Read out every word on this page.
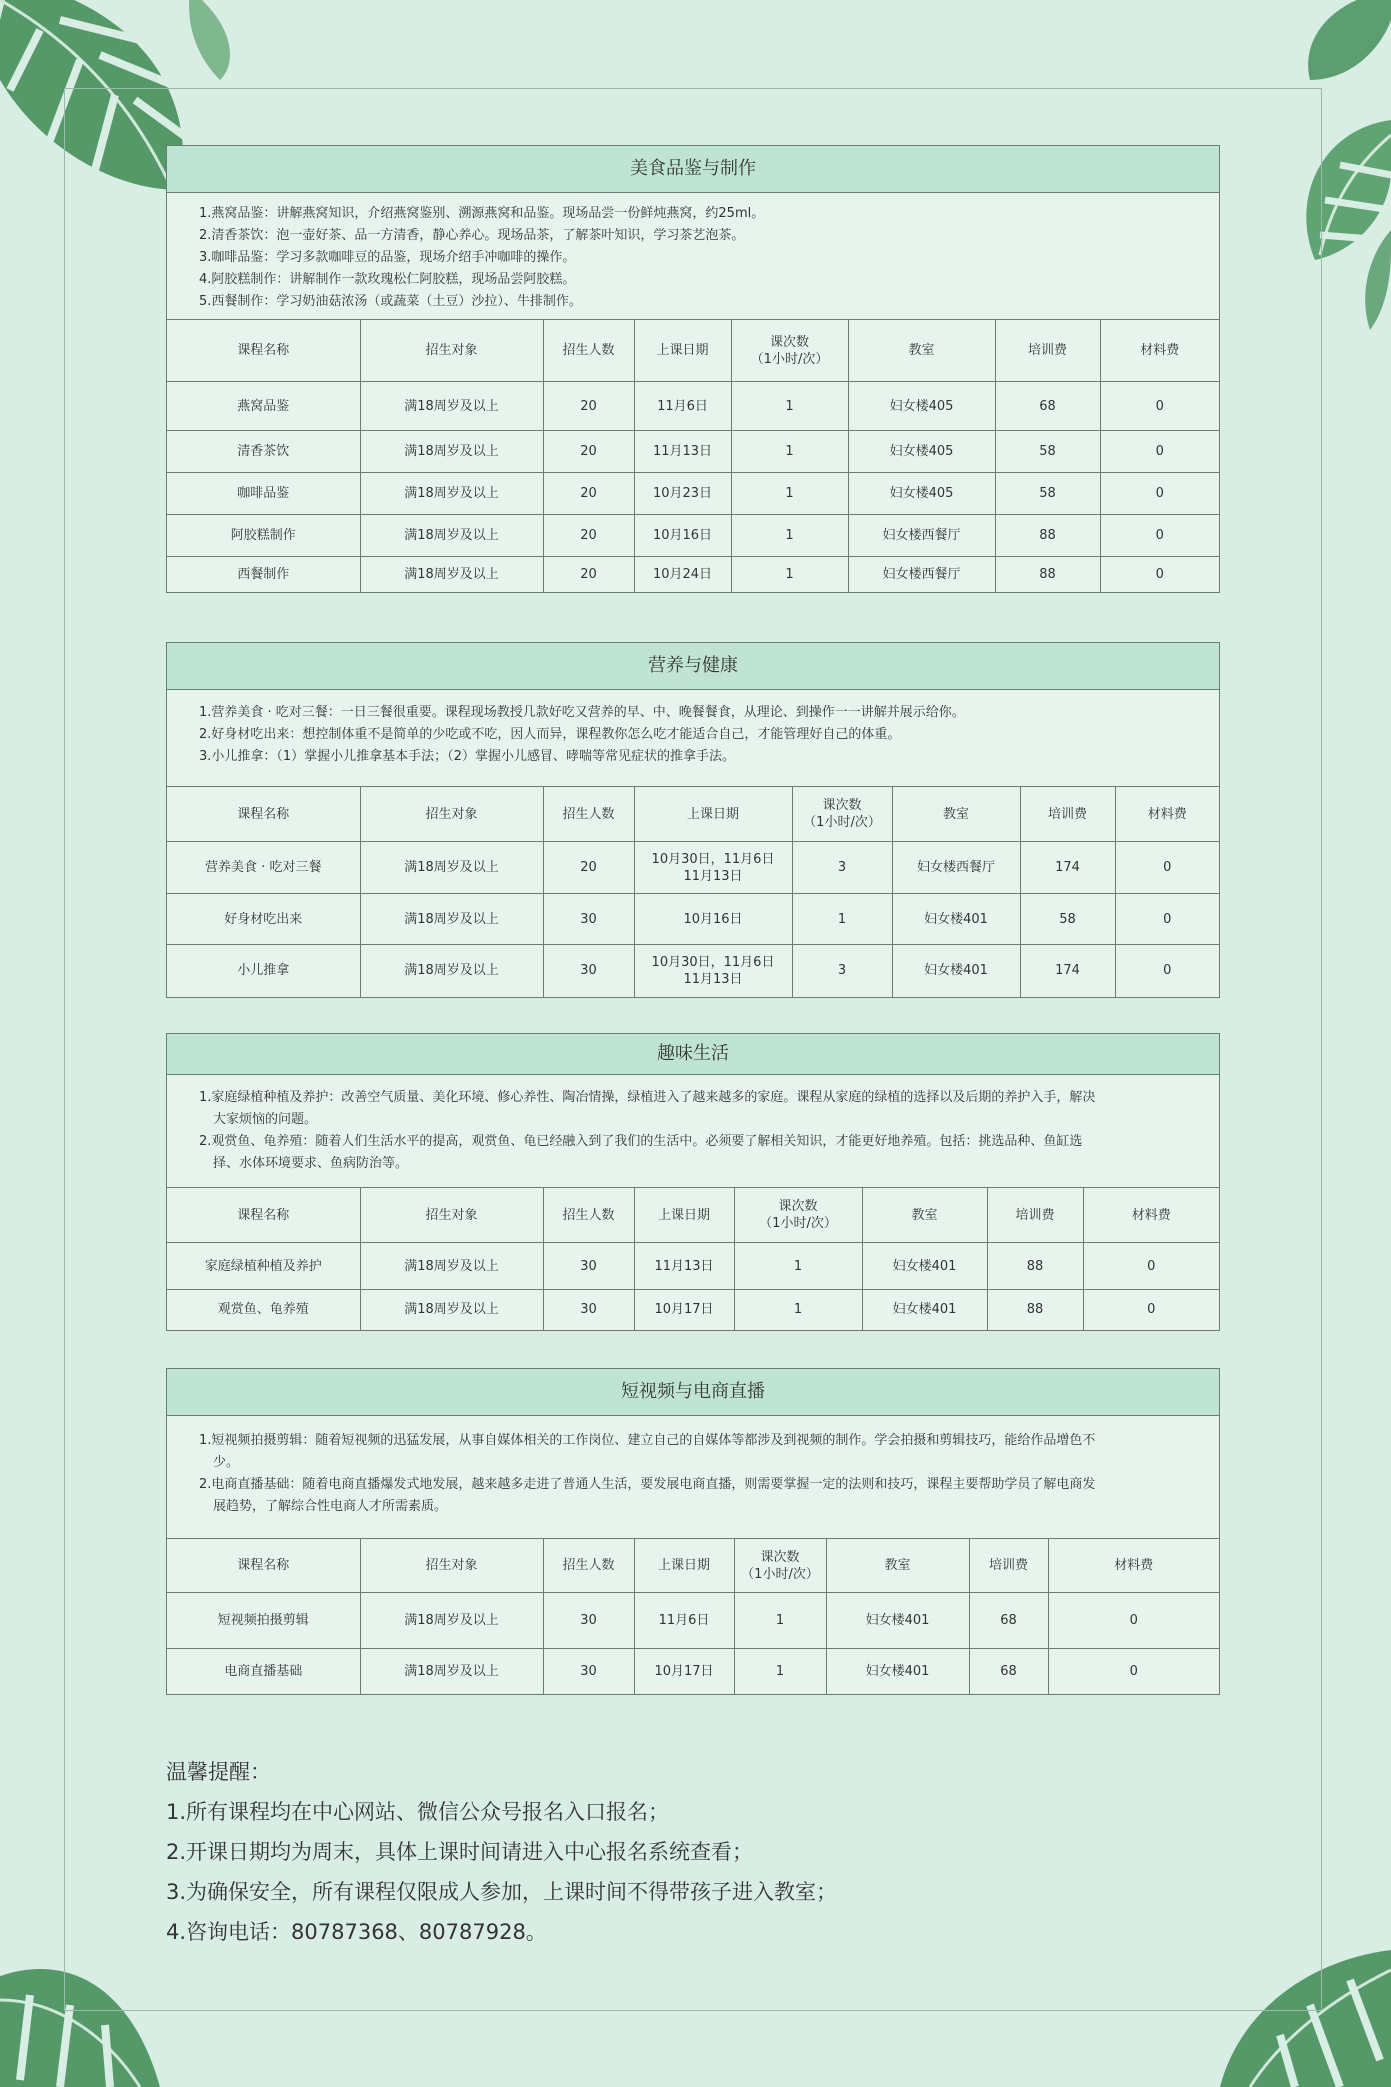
美食品鉴与制作

1.燕窝品鉴：讲解燕窝知识，介绍燕窝鉴别、溯源燕窝和品鉴。现场品尝一份鲜炖燕窝，约25ml。

2.清香茶饮：泡一壶好茶、品一方清香，静心养心。现场品茶，了解茶叶知识，学习茶艺泡茶。

3.咖啡品鉴：学习多款咖啡豆的品鉴，现场介绍手冲咖啡的操作。

4.阿胶糕制作：讲解制作一款玫瑰松仁阿胶糕，现场品尝阿胶糕。

5.西餐制作：学习奶油菇浓汤（或蔬菜（土豆）沙拉）、牛排制作。

课程名称	招生对象	招生人数	上课日期	课次数
（1小时/次）	教室	培训费	材料费
燕窝品鉴	满18周岁及以上	20	11月6日	1	妇女楼405	68	0
清香茶饮	满18周岁及以上	20	11月13日	1	妇女楼405	58	0
咖啡品鉴	满18周岁及以上	20	10月23日	1	妇女楼405	58	0
阿胶糕制作	满18周岁及以上	20	10月16日	1	妇女楼西餐厅	88	0
西餐制作	满18周岁及以上	20	10月24日	1	妇女楼西餐厅	88	0
营养与健康

1.营养美食 · 吃对三餐：一日三餐很重要。课程现场教授几款好吃又营养的早、中、晚餐餐食，从理论、到操作一一讲解并展示给你。

2.好身材吃出来：想控制体重不是简单的少吃或不吃，因人而异，课程教你怎么吃才能适合自己，才能管理好自己的体重。

3.小儿推拿：（1）掌握小儿推拿基本手法；（2）掌握小儿感冒、哮喘等常见症状的推拿手法。

课程名称	招生对象	招生人数	上课日期	课次数
（1小时/次）	教室	培训费	材料费
营养美食 · 吃对三餐	满18周岁及以上	20	10月30日，11月6日
11月13日	3	妇女楼西餐厅	174	0
好身材吃出来	满18周岁及以上	30	10月16日	1	妇女楼401	58	0
小儿推拿	满18周岁及以上	30	10月30日，11月6日
11月13日	3	妇女楼401	174	0
趣味生活

1.家庭绿植种植及养护：改善空气质量、美化环境、修心养性、陶冶情操，绿植进入了越来越多的家庭。课程从家庭的绿植的选择以及后期的养护入手，解决大家烦恼的问题。

2.观赏鱼、龟养殖：随着人们生活水平的提高，观赏鱼、龟已经融入到了我们的生活中。必须要了解相关知识，才能更好地养殖。包括：挑选品种、鱼缸选择、水体环境要求、鱼病防治等。

课程名称	招生对象	招生人数	上课日期	课次数
（1小时/次）	教室	培训费	材料费
家庭绿植种植及养护	满18周岁及以上	30	11月13日	1	妇女楼401	88	0
观赏鱼、龟养殖	满18周岁及以上	30	10月17日	1	妇女楼401	88	0
短视频与电商直播

1.短视频拍摄剪辑：随着短视频的迅猛发展，从事自媒体相关的工作岗位、建立自己的自媒体等都涉及到视频的制作。学会拍摄和剪辑技巧，能给作品增色不少。

2.电商直播基础：随着电商直播爆发式地发展，越来越多走进了普通人生活，要发展电商直播，则需要掌握一定的法则和技巧，课程主要帮助学员了解电商发展趋势，了解综合性电商人才所需素质。

课程名称	招生对象	招生人数	上课日期	课次数
（1小时/次）	教室	培训费	材料费
短视频拍摄剪辑	满18周岁及以上	30	11月6日	1	妇女楼401	68	0
电商直播基础	满18周岁及以上	30	10月17日	1	妇女楼401	68	0

温馨提醒：

1.所有课程均在中心网站、微信公众号报名入口报名；

2.开课日期均为周末，具体上课时间请进入中心报名系统查看；

3.为确保安全，所有课程仅限成人参加，上课时间不得带孩子进入教室；

4.咨询电话：80787368、80787928。
